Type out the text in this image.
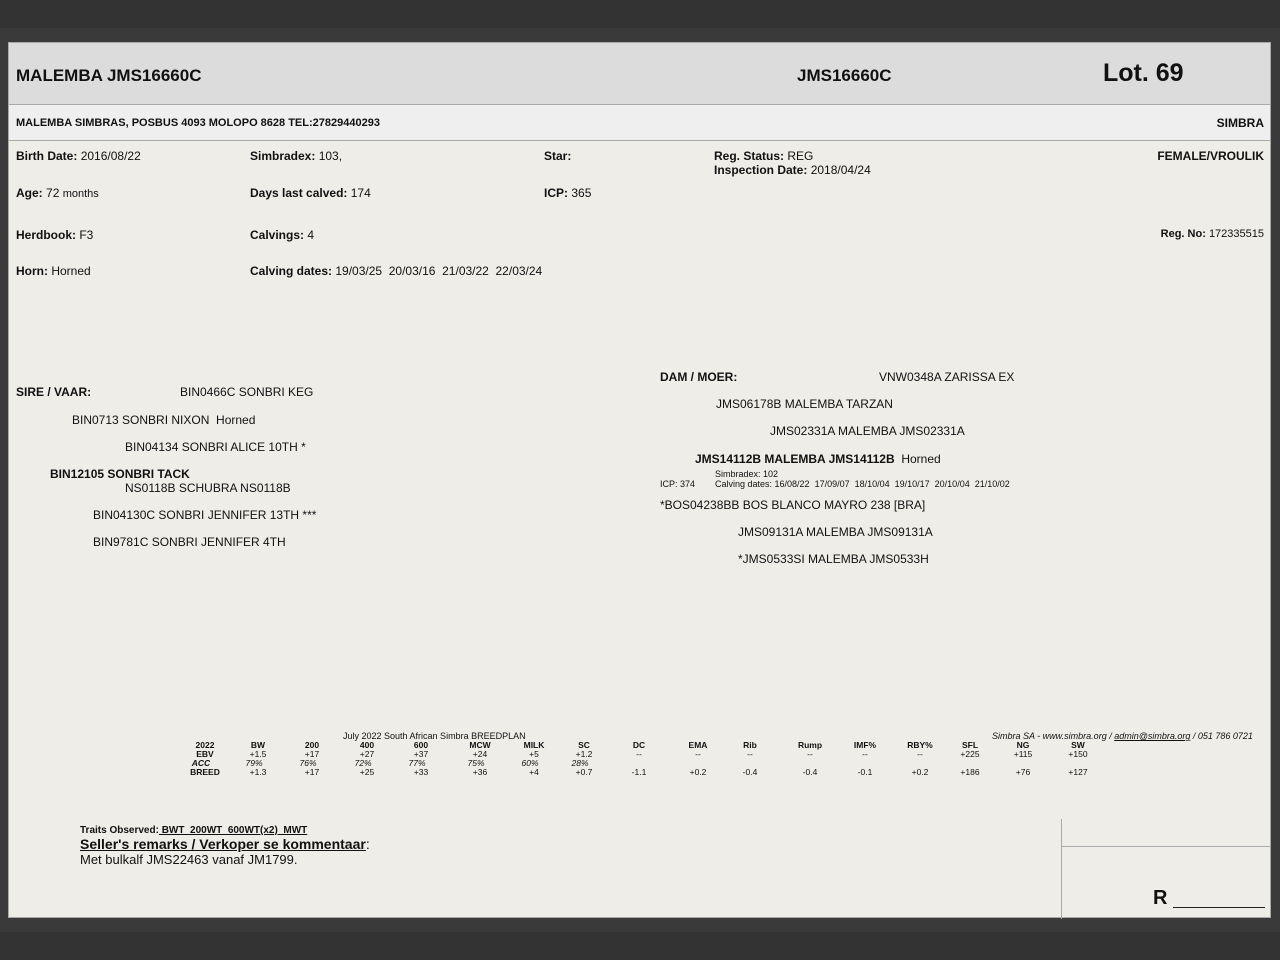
MALEMBA JMS16660C	JMS16660C	Lot. 69
MALEMBA SIMBRAS, POSBUS 4093 MOLOPO 8628 TEL:27829440293	SIMBRA
Birth Date: 2016/08/22	Simbradex: 103,	Star:	Reg. Status: REG
Inspection Date: 2018/04/24
FEMALE/VROULIK
Age: 72 months	Days last calved: 174	ICP: 365
Herdbook: F3	Calvings: 4	Reg. No: 172335515
Horn: Horned	Calving dates: 19/03/25  20/03/16  21/03/22  22/03/24
SIRE / VAAR:	BIN0466C SONBRI KEG
BIN0713 SONBRI NIXON  Horned
BIN04134 SONBRI ALICE 10TH *
BIN12105 SONBRI TACK
NS0118B SCHUBRA NS0118B
BIN04130C SONBRI JENNIFER 13TH ***
BIN9781C SONBRI JENNIFER 4TH
DAM / MOER:	VNW0348A ZARISSA EX
JMS06178B MALEMBA TARZAN
JMS02331A MALEMBA JMS02331A
JMS14112B MALEMBA JMS14112B Horned
Simbradex: 102
ICP: 374 Calving dates: 16/08/22  17/09/07  18/10/04  19/10/17  20/10/04  21/10/02
*BOS04238BB BOS BLANCO MAYRO 238 [BRA]
JMS09131A MALEMBA JMS09131A
*JMS0533SI MALEMBA JMS0533H
July 2022 South African Simbra BREEDPLAN	Simbra SA - www.simbra.org / admin@simbra.org / 051 786 0721
2022	BW	200	400	600	MCW	MILK	SC	DC	EMA	Rib	Rump	IMF%	RBY%	SFL	NG	SW
EBV	+1.5	+17	+27	+37	+24	+5	+1.2	--	--	--	--	--	--	+225	+115	+150
ACC	79%	76%	72%	77%	75%	60%	28%
BREED	+1.3	+17	+25	+33	+36	+4	+0.7	-1.1	+0.2	-0.4	-0.4	-0.1	+0.2	+186	+76	+127
Traits Observed: BWT  200WT  600WT(x2)  MWT
Seller's remarks / Verkoper se kommentaar:
Met bulkalf JMS22463 vanaf JM1799.
R
